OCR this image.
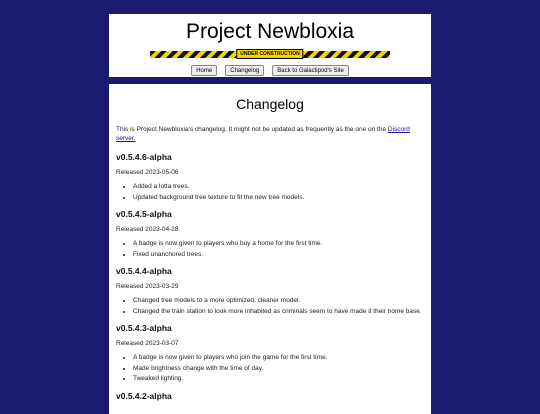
Project Newbloxia
UNDER CONSTRUCTION
Home	Changelog	Back to Galactipod's Site
Changelog

This is Project Newbloxia's changelog. It might not be updated as frequently as the one on the Discord server.

v0.5.4.6-alpha
Released 2023-05-06
• Added a lotta trees.
• Updated background tree texture to fit the new tree models.
v0.5.4.5-alpha
Released 2023-04-28
• A badge is now given to players who buy a home for the first time.
• Fixed unanchored trees.
v0.5.4.4-alpha
Released 2023-03-29
• Changed tree models to a more optimized, cleaner model.
• Changed the train station to look more inhabited as criminals seem to have made it their home base.
v0.5.4.3-alpha
Released 2023-03-07
• A badge is now given to players who join the game for the first time.
• Made brightness change with the time of day.
• Tweaked lighting.
v0.5.4.2-alpha
